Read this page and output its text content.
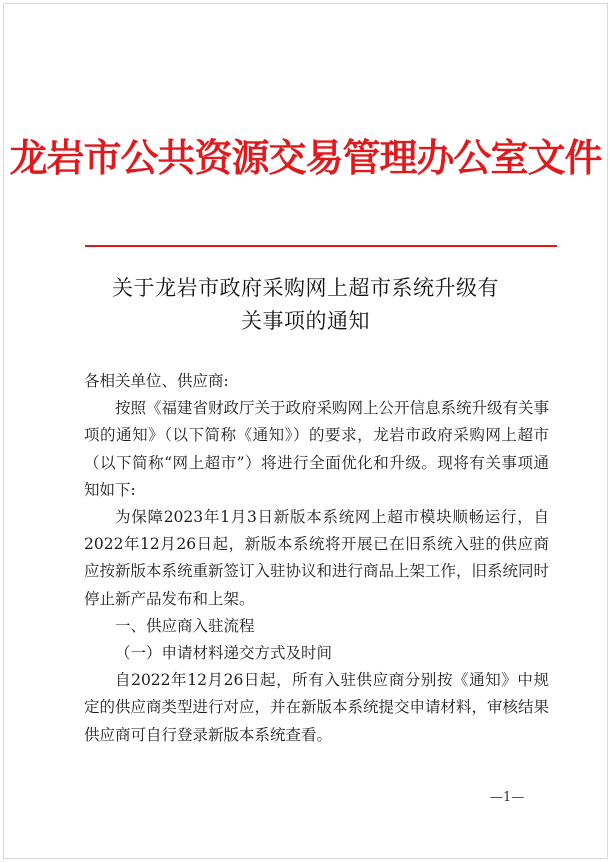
龙岩市公共资源交易管理办公室文件
关于龙岩市政府采购网上超市系统升级有
关事项的通知

各相关单位、供应商:

按照《福建省财政厅关于政府采购网上公开信息系统升级有关事项的通知》（以下简称《通知》）的要求，龙岩市政府采购网上超市（以下简称“网上超市”）将进行全面优化和升级。现将有关事项通知如下:

为保障2023年1月3日新版本系统网上超市模块顺畅运行，自2022年12月26日起，新版本系统将开展已在旧系统入驻的供应商应按新版本系统重新签订入驻协议和进行商品上架工作，旧系统同时停止新产品发布和上架。

一、供应商入驻流程

（一）申请材料递交方式及时间

自2022年12月26日起，所有入驻供应商分别按《通知》中规定的供应商类型进行对应，并在新版本系统提交申请材料，审核结果供应商可自行登录新版本系统查看。

—1—
